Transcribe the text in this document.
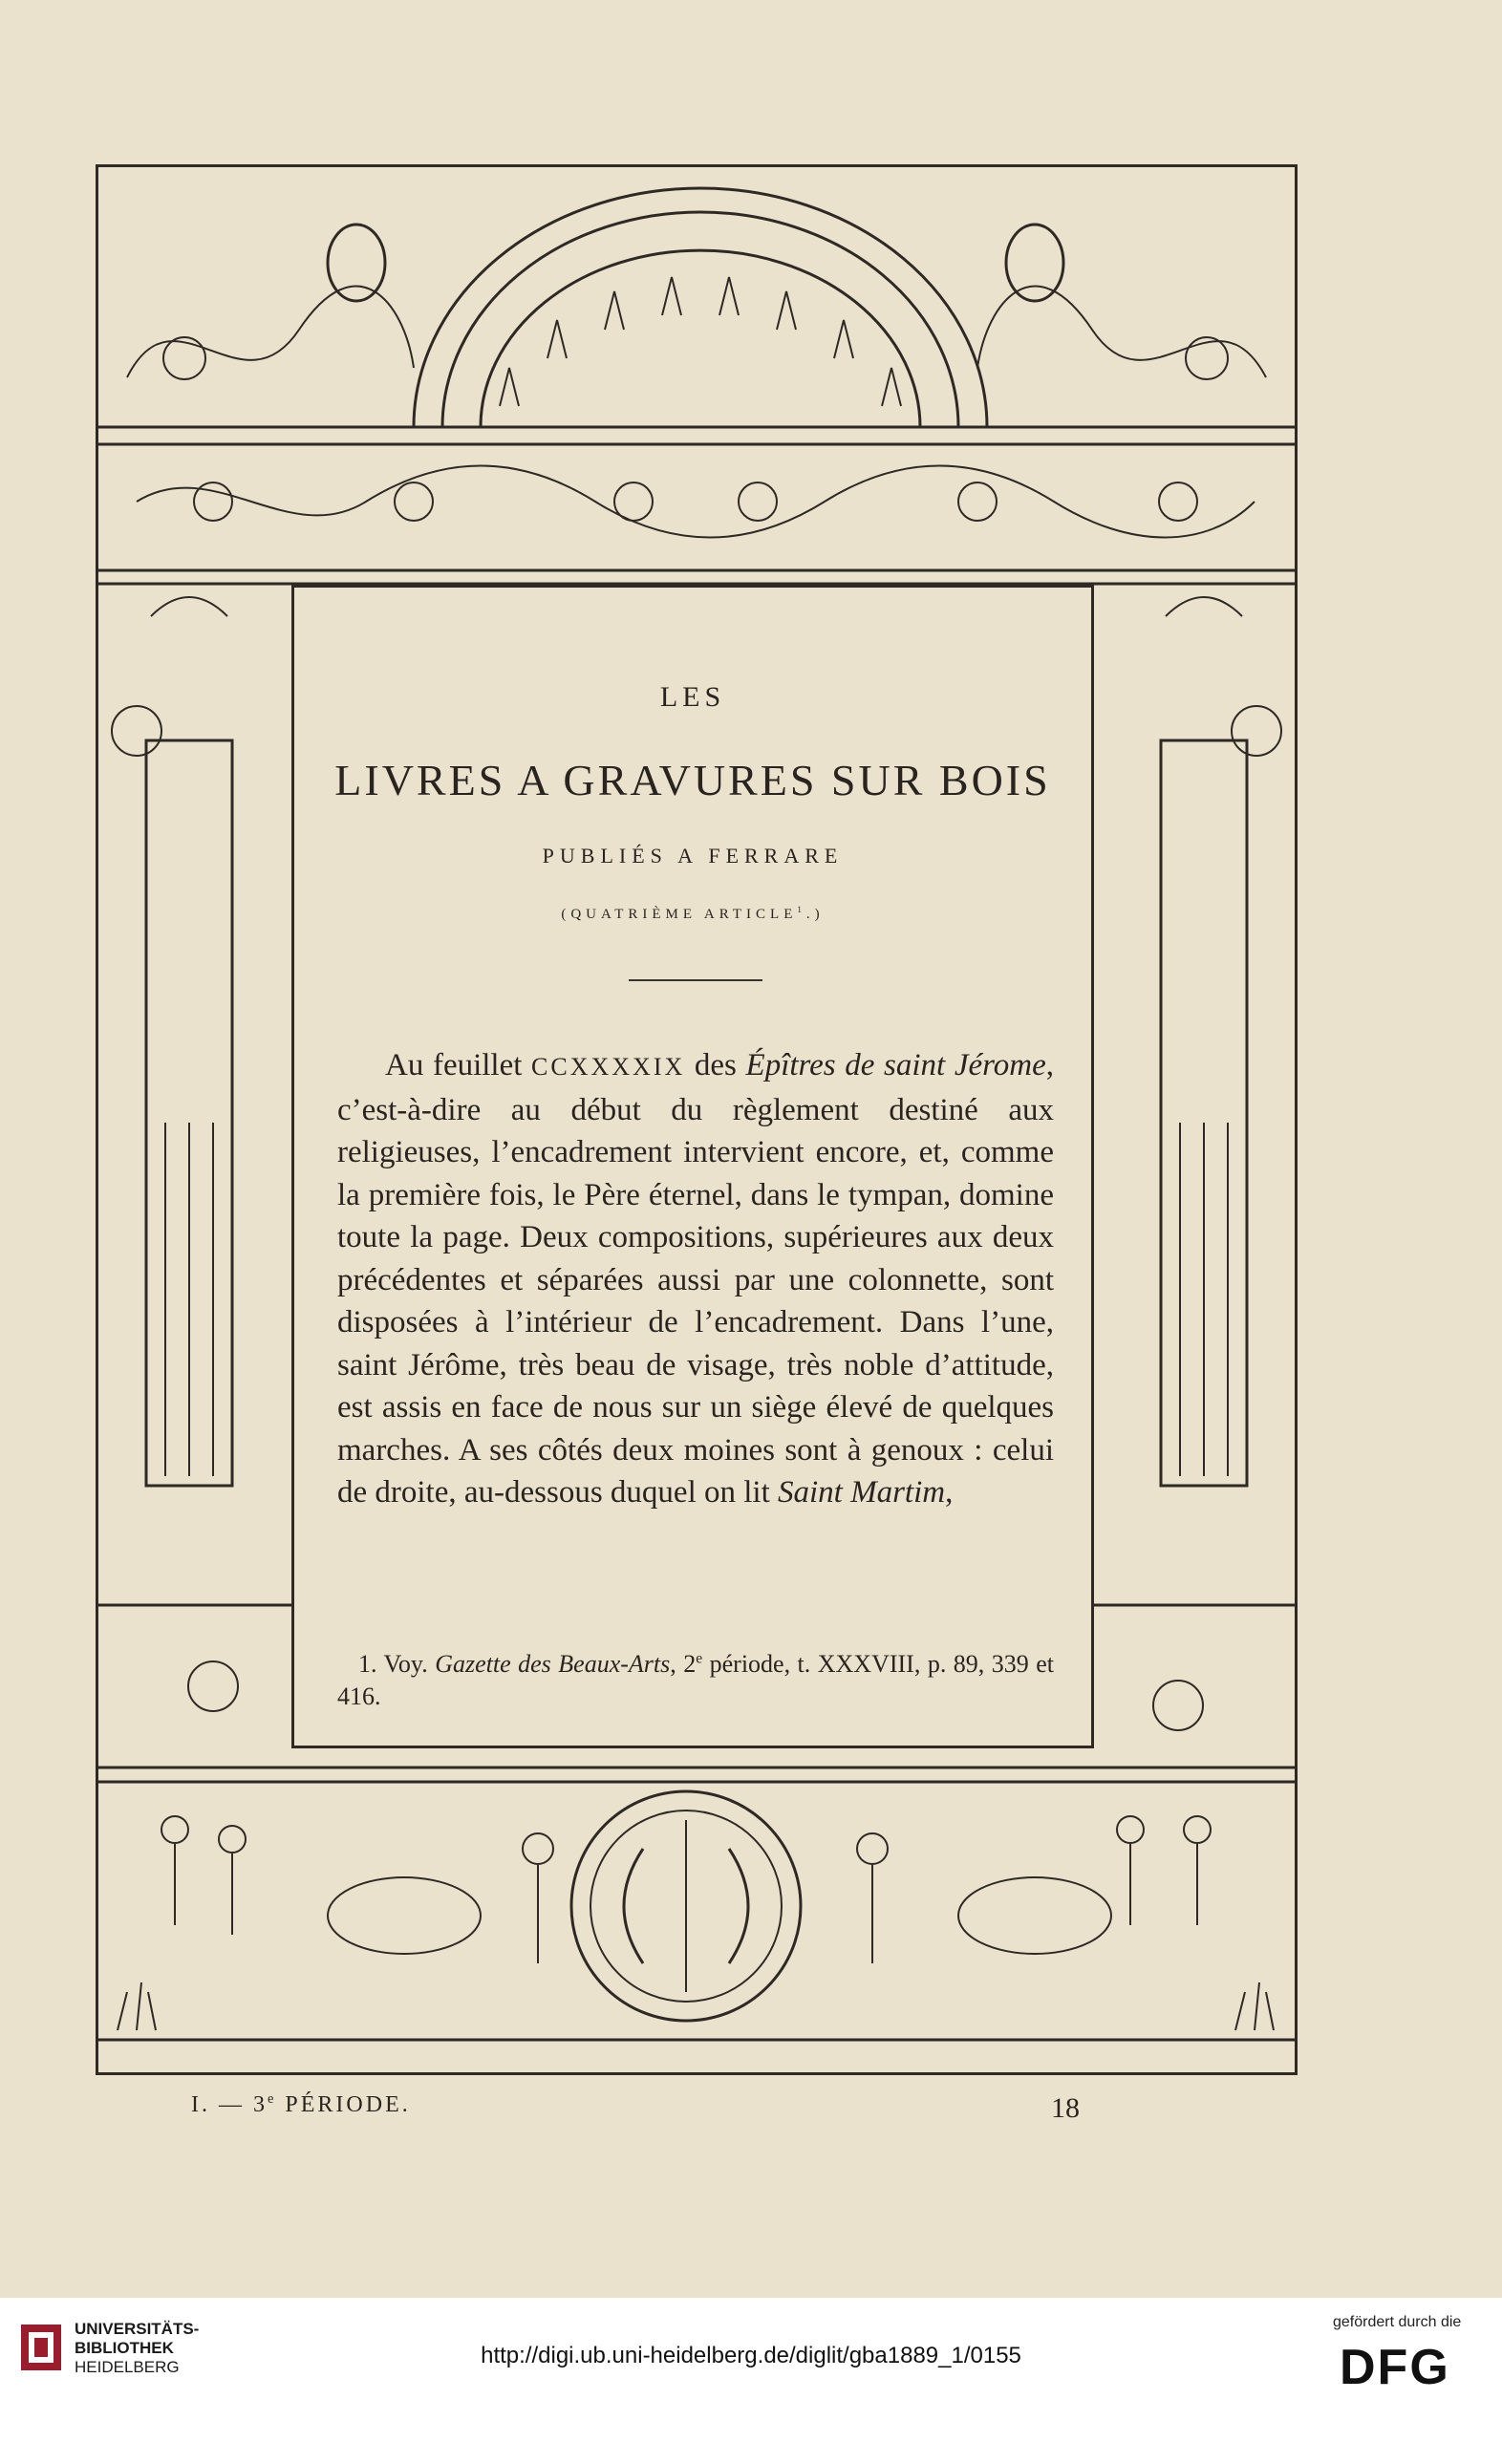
LES
LIVRES A GRAVURES SUR BOIS
PUBLIÉS A FERRARE
(QUATRIÈME ARTICLE$^1$.)

Au feuillet CCXXXXIX des Épîtres de saint Jérome, c’est-à-dire au début du règlement destiné aux religieuses, l’encadrement intervient encore, et, comme la première fois, le Père éternel, dans le tympan, domine toute la page. Deux compositions, supérieures aux deux précédentes et séparées aussi par une colonnette, sont disposées à l’intérieur de l’encadrement. Dans l’une, saint Jérôme, très beau de visage, très noble d’attitude, est assis en face de nous sur un siège élevé de quelques marches. A ses côtés deux moines sont à genoux : celui de droite, au-dessous duquel on lit Saint Martim,

1. Voy. Gazette des Beaux-Arts, 2e période, t. XXXVIII, p. 89, 339 et 416.

I. — 3e PÉRIODE.	18
UNIVERSITÄTS-
BIBLIOTHEK
HEIDELBERG	http://digi.ub.uni-heidelberg.de/diglit/gba1889_1/0155
gefördert durch die
DFG
